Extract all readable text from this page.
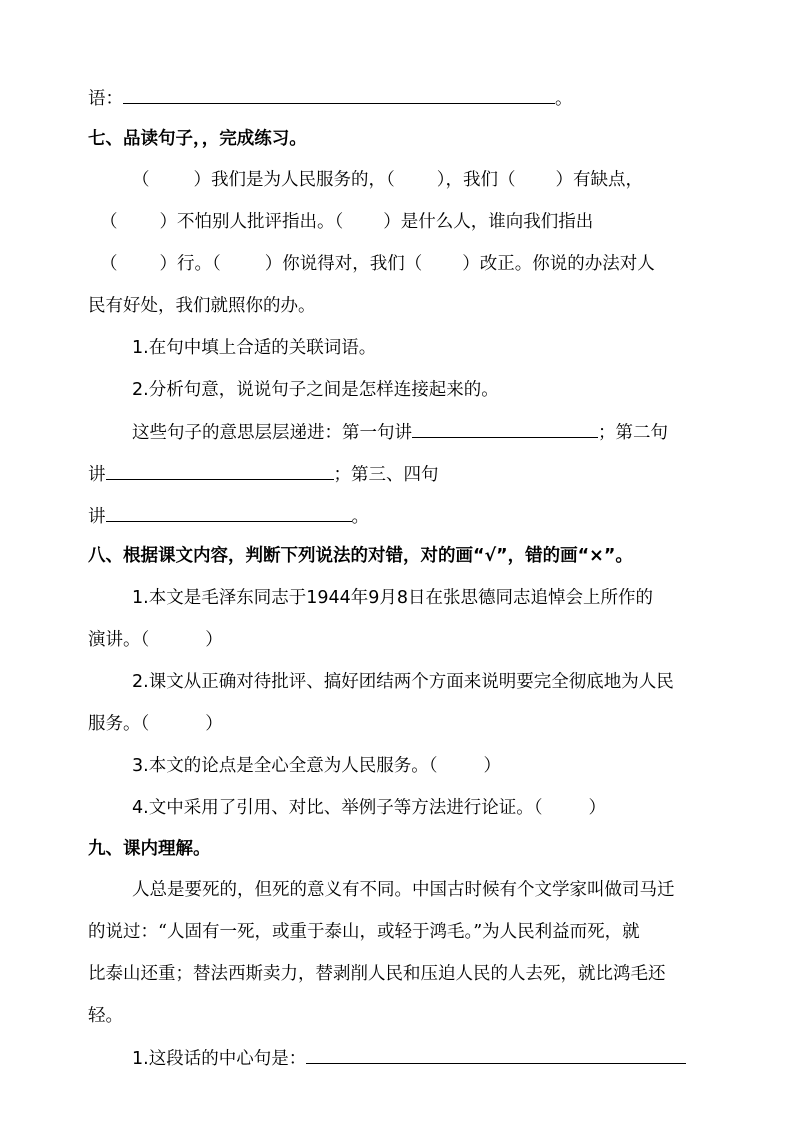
语：	。
七、品读句子，，完成练习。
（	）我们是为人民服务的，（ ），我们（ ）有缺点，
（ ）不怕别人批评指出。（ ）是什么人，谁向我们指出
（ ）行。（	）你说得对，我们（ ）改正。你说的办法对人
民有好处，我们就照你的办。
1.在句中填上合适的关联词语。
2.分析句意，说说句子之间是怎样连接起来的。
这些句子的意思层层递进：第一句讲	；第二句
讲	；第三、四句
讲	。
八、根据课文内容，判断下列说法的对错，对的画“√”，错的画“×”。
1.本文是毛泽东同志于1944年9月8日在张思德同志追悼会上所作的
演讲。（	）
2.课文从正确对待批评、搞好团结两个方面来说明要完全彻底地为人民
服务。（	）
3.本文的论点是全心全意为人民服务。（	）
4.文中采用了引用、对比、举例子等方法进行论证。（	）
九、课内理解。
人总是要死的，但死的意义有不同。中国古时候有个文学家叫做司马迁
的说过：“人固有一死，或重于泰山，或轻于鸿毛。”为人民利益而死，就
比泰山还重；替法西斯卖力，替剥削人民和压迫人民的人去死，就比鸿毛还
轻。
1.这段话的中心句是：
